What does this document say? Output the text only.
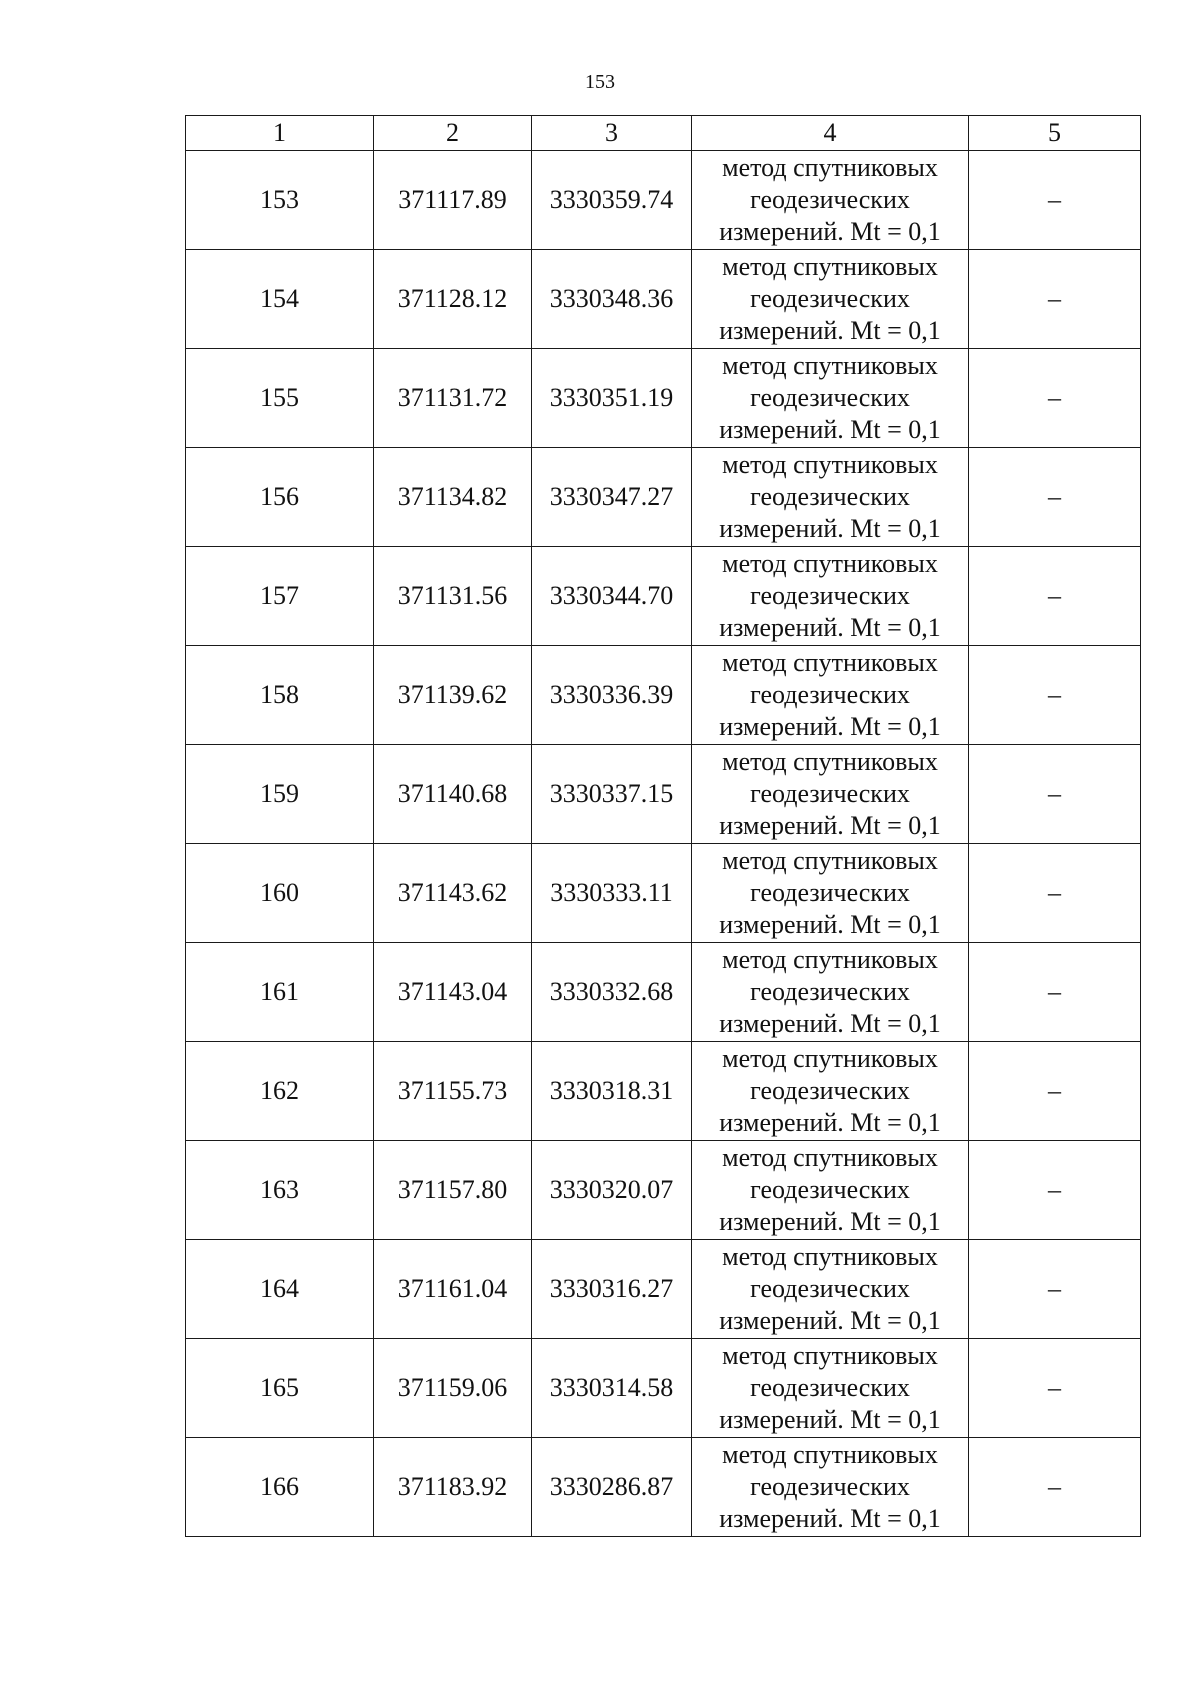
153
1	2	3	4	5
153	371117.89	3330359.74	метод спутниковых
геодезических
измерений. Mt = 0,1	–
154	371128.12	3330348.36	метод спутниковых
геодезических
измерений. Mt = 0,1	–
155	371131.72	3330351.19	метод спутниковых
геодезических
измерений. Mt = 0,1	–
156	371134.82	3330347.27	метод спутниковых
геодезических
измерений. Mt = 0,1	–
157	371131.56	3330344.70	метод спутниковых
геодезических
измерений. Mt = 0,1	–
158	371139.62	3330336.39	метод спутниковых
геодезических
измерений. Mt = 0,1	–
159	371140.68	3330337.15	метод спутниковых
геодезических
измерений. Mt = 0,1	–
160	371143.62	3330333.11	метод спутниковых
геодезических
измерений. Mt = 0,1	–
161	371143.04	3330332.68	метод спутниковых
геодезических
измерений. Mt = 0,1	–
162	371155.73	3330318.31	метод спутниковых
геодезических
измерений. Mt = 0,1	–
163	371157.80	3330320.07	метод спутниковых
геодезических
измерений. Mt = 0,1	–
164	371161.04	3330316.27	метод спутниковых
геодезических
измерений. Mt = 0,1	–
165	371159.06	3330314.58	метод спутниковых
геодезических
измерений. Mt = 0,1	–
166	371183.92	3330286.87	метод спутниковых
геодезических
измерений. Mt = 0,1	–
